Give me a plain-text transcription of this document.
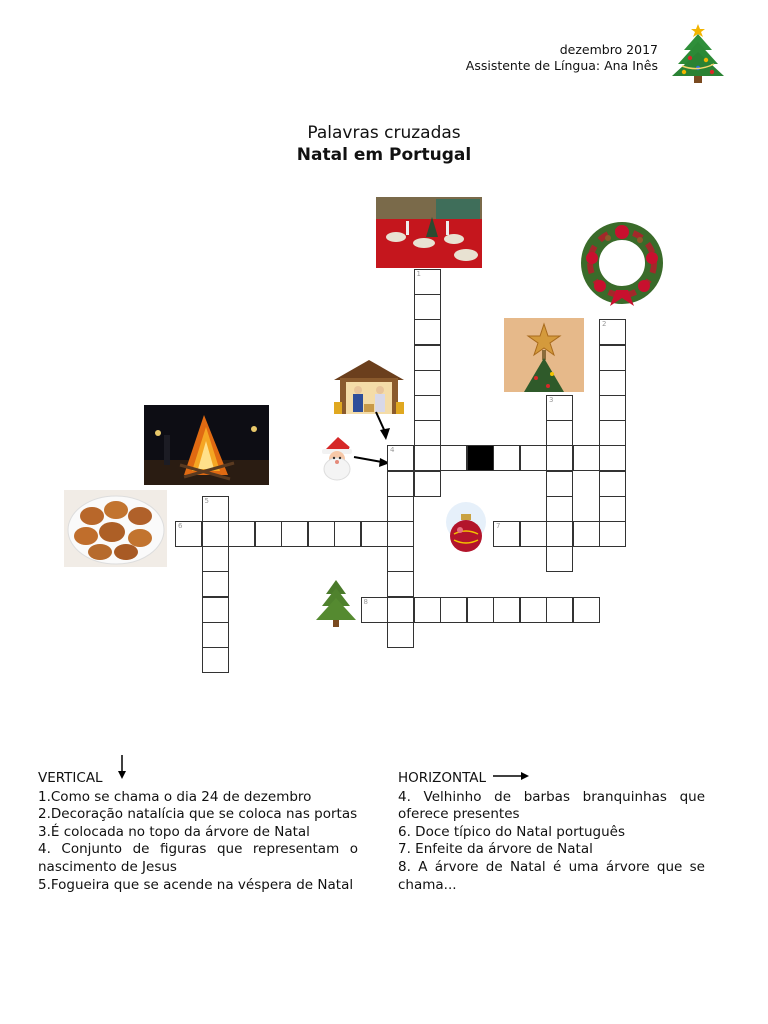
dezembro 2017
Assistente de Língua: Ana Inês
Palavras cruzadas
Natal em Portugal
1
2
3
4
5
6	7
8
VERTICAL
1.Como se chama o dia 24 de dezembro
2.Decoração natalícia que se coloca nas portas
3.É colocada no topo da árvore de Natal
4. Conjunto de figuras que representam o nascimento de Jesus
5.Fogueira que se acende na véspera de Natal
HORIZONTAL
4. Velhinho de barbas branquinhas que oferece presentes
6. Doce típico do Natal português
7. Enfeite da árvore de Natal
8. A árvore de Natal é uma árvore que se chama...
